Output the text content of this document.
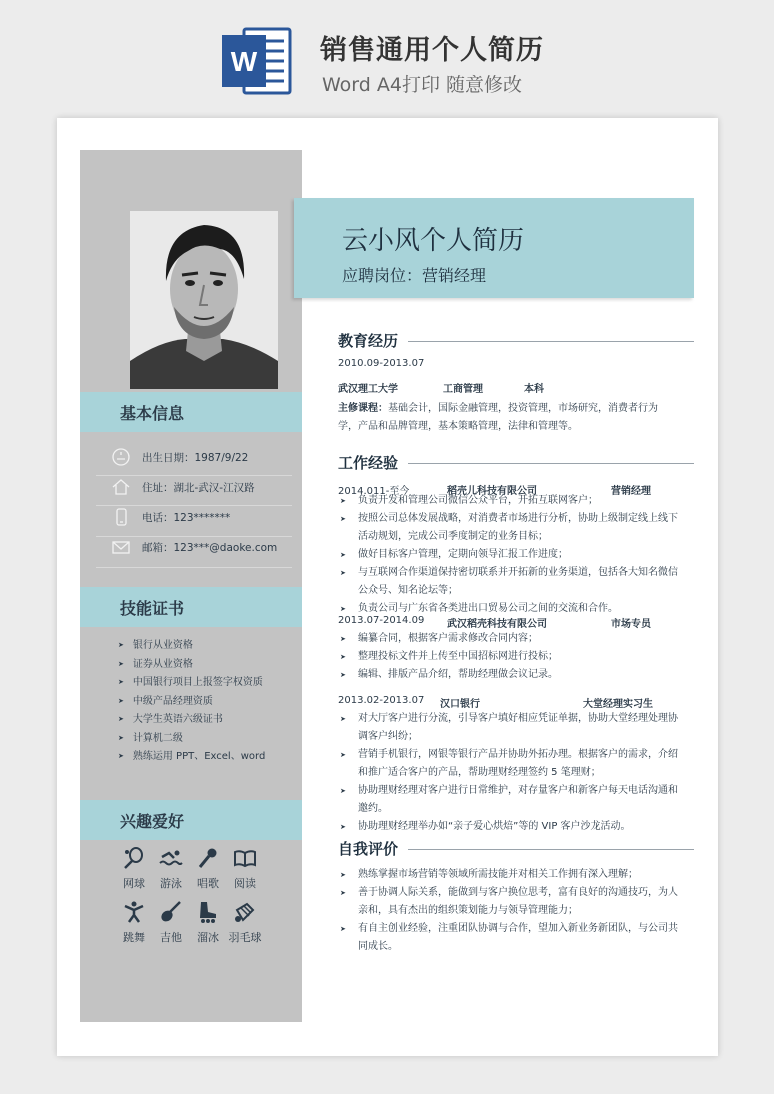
W 销售通用个人简历
Word A4打印 随意修改
基本信息
出生日期：1987/9/22
住址：湖北-武汉-江汉路
电话：123*******
邮箱：123***@daoke.com
技能证书
➤ 银行从业资格
➤ 证券从业资格
➤ 中国银行项目上报签字权资质
➤ 中级产品经理资质
➤ 大学生英语六级证书
➤ 计算机二级
➤ 熟练运用 PPT、Excel、word
兴趣爱好
网球	游泳	唱歌	阅读
跳舞	吉他	溜冰 羽毛球
云小风个人简历
应聘岗位：营销经理
教育经历
2010.09-2013.07
武汉理工大学	工商管理	本科
主修课程：基础会计，国际金融管理，投资管理，市场研究，消费者行为学，产品和品牌管理，基本策略管理，法律和管理等。
工作经验
2014.011-至今	稻壳儿科技有限公司	营销经理
➤ 负责开发和管理公司微信公众平台，开拓互联网客户；
➤ 按照公司总体发展战略，对消费者市场进行分析，协助上级制定线上线下活动规划，完成公司季度制定的业务目标；
➤ 做好目标客户管理，定期向领导汇报工作进度；
➤ 与互联网合作渠道保持密切联系并开拓新的业务渠道，包括各大知名微信公众号、知名论坛等；
➤ 负责公司与广东省各类进出口贸易公司之间的交流和合作。
2013.07-2014.09 武汉稻壳科技有限公司	市场专员
➤ 编纂合同，根据客户需求修改合同内容；
➤ 整理投标文件并上传至中国招标网进行投标；
➤ 编辑、排版产品介绍，帮助经理做会议记录。
2013.02-2013.07 汉口银行	大堂经理实习生
➤ 对大厅客户进行分流，引导客户填好相应凭证单据，协助大堂经理处理协调客户纠纷；
➤ 营销手机银行，网银等银行产品并协助外拓办理。根据客户的需求，介绍和推广适合客户的产品，帮助理财经理签约 5 笔理财；
➤ 协助理财经理对客户进行日常维护，对存量客户和新客户每天电话沟通和邀约。
➤ 协助理财经理举办如“亲子爱心烘焙”等的 VIP 客户沙龙活动。
自我评价
➤ 熟练掌握市场营销等领域所需技能并对相关工作拥有深入理解；
➤ 善于协调人际关系，能做到与客户换位思考，富有良好的沟通技巧，为人亲和，具有杰出的组织策划能力与领导管理能力；
➤ 有自主创业经验，注重团队协调与合作，望加入新业务新团队，与公司共同成长。
